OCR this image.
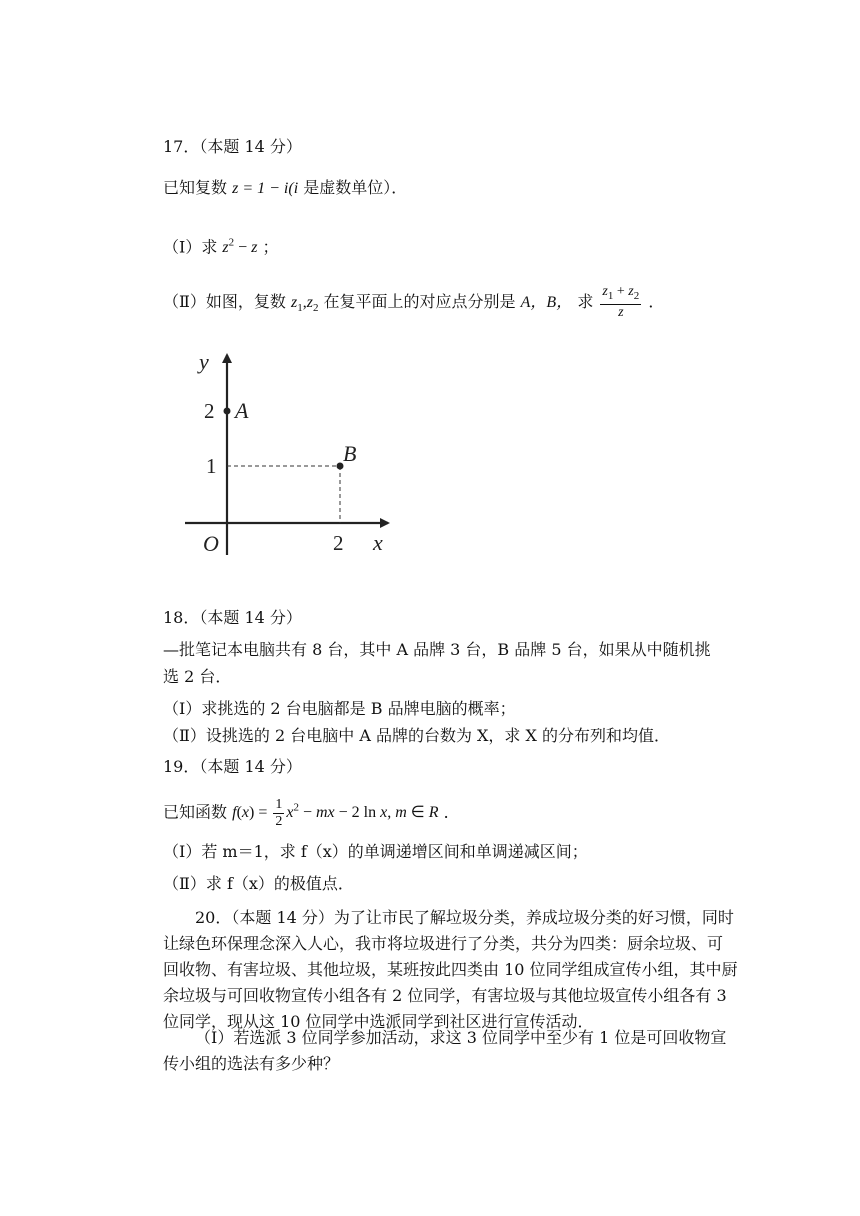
17．（本题 14 分）
已知复数 z = 1 − i(i 是虚数单位）．
（Ⅰ）求 $z^2 - z$ ；
（Ⅱ）如图，复数 $z_1,z_2$ 在复平面上的对应点分别是 A，B， 求 $\frac{z_1 + z_2}{z}$ ．
y
x
O
2
1
2
A
B
18．（本题 14 分）
—批笔记本电脑共有 8 台，其中 A 品牌 3 台，B 品牌 5 台，如果从中随机挑
选 2 台．
（Ⅰ）求挑选的 2 台电脑都是 B 品牌电脑的概率；
（Ⅱ）设挑选的 2 台电脑中 A 品牌的台数为 X，求 X 的分布列和均值．
19．（本题 14 分）
已知函数 $f(x) = \frac{1}{2} x^2$ − mx − 2 ln x, m ∈ R ．
（Ⅰ）若 m＝1，求 f（x）的单调递增区间和单调递减区间；
（Ⅱ）求 f（x）的极值点．
20．（本题 14 分）为了让市民了解垃圾分类，养成垃圾分类的好习惯，同时让绿色环保理念深入人心，我市将垃圾进行了分类，共分为四类：厨余垃圾、可回收物、有害垃圾、其他垃圾，某班按此四类由 10 位同学组成宣传小组，其中厨余垃圾与可回收物宣传小组各有 2 位同学，有害垃圾与其他垃圾宣传小组各有 3 位同学，现从这 10 位同学中选派同学到社区进行宣传活动．
（Ⅰ）若选派 3 位同学参加活动，求这 3 位同学中至少有 1 位是可回收物宣传小组的选法有多少种？
